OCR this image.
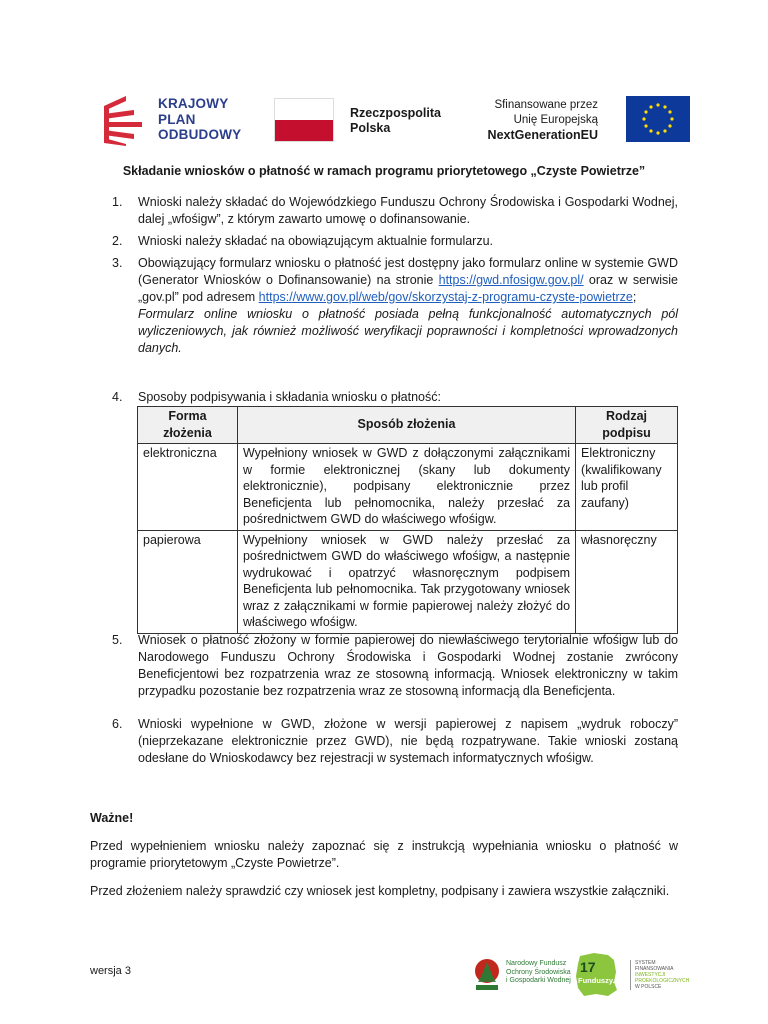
KRAJOWY
PLAN
ODBUDOWY
Rzeczpospolita
Polska
Sfinansowane przez
Unię Europejską
NextGenerationEU
Składanie wniosków o płatność w ramach programu priorytetowego „Czyste Powietrze”
1. Wnioski należy składać do Wojewódzkiego Funduszu Ochrony Środowiska i Gospodarki Wodnej, dalej „wfośigw”, z którym zawarto umowę o dofinansowanie.
2. Wnioski należy składać na obowiązującym aktualnie formularzu.
3. Obowiązujący formularz wniosku o płatność jest dostępny jako formularz online w systemie GWD (Generator Wniosków o Dofinansowanie) na stronie https://gwd.nfosigw.gov.pl/ oraz w serwisie „gov.pl” pod adresem https://www.gov.pl/web/gov/skorzystaj-z-programu-czyste-powietrze;
Formularz online wniosku o płatność posiada pełną funkcjonalność automatycznych pól wyliczeniowych, jak również możliwość weryfikacji poprawności i kompletności wprowadzonych danych.
4. Sposoby podpisywania i składania wniosku o płatność:
Forma złożenia	Sposób złożenia	Rodzaj podpisu
elektroniczna	Wypełniony wniosek w GWD z dołączonymi załącznikami w formie elektronicznej (skany lub dokumenty elektronicznie), podpisany elektronicznie przez Beneficjenta lub pełnomocnika, należy przesłać za pośrednictwem GWD do właściwego wfośigw.	Elektroniczny (kwalifikowany lub profil zaufany)
papierowa	Wypełniony wniosek w GWD należy przesłać za pośrednictwem GWD do właściwego wfośigw, a następnie wydrukować i opatrzyć własnoręcznym podpisem Beneficjenta lub pełnomocnika. Tak przygotowany wniosek wraz z załącznikami w formie papierowej należy złożyć do właściwego wfośigw.	własnoręczny
5. Wniosek o płatność złożony w formie papierowej do niewłaściwego terytorialnie wfośigw lub do Narodowego Funduszu Ochrony Środowiska i Gospodarki Wodnej zostanie zwrócony Beneficjentowi bez rozpatrzenia wraz ze stosowną informacją. Wniosek elektroniczny w takim przypadku pozostanie bez rozpatrzenia wraz ze stosowną informacją dla Beneficjenta.
6. Wnioski wypełnione w GWD, złożone w wersji papierowej z napisem „wydruk roboczy” (nieprzekazane elektronicznie przez GWD), nie będą rozpatrywane. Takie wnioski zostaną odesłane do Wnioskodawcy bez rejestracji w systemach informatycznych wfośigw.
Ważne!
Przed wypełnieniem wniosku należy zapoznać się z instrukcją wypełniania wniosku o płatność w programie priorytetowym „Czyste Powietrze”.
Przed złożeniem należy sprawdzić czy wniosek jest kompletny, podpisany i zawiera wszystkie załączniki.
wersja 3
Narodowy Fundusz
Ochrony Środowiska
i Gospodarki Wodnej
17
Funduszy.pl
SYSTEM
FINANSOWANIA
INWESTYCJI
PROEKOLOGICZNYCH
W POLSCE
